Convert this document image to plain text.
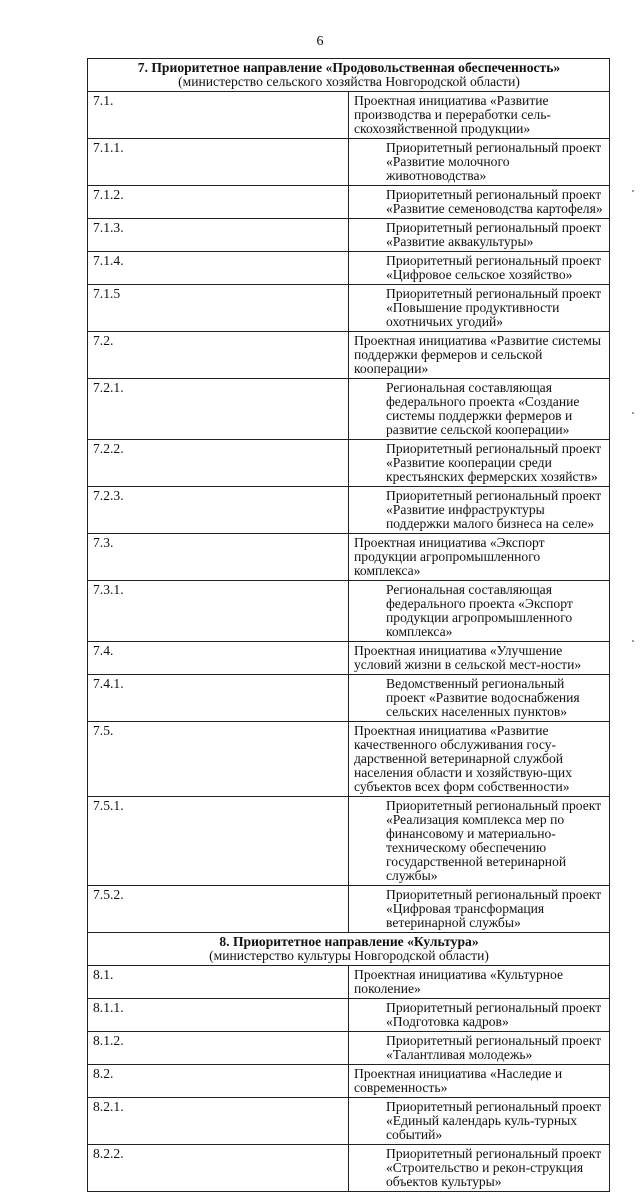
6
7. Приоритетное направление «Продовольственная обеспеченность»
(министерство сельского хозяйства Новгородской области)	

7.1.	Проектная инициатива «Развитие производства и переработки сель-скохозяйственной продукции»

7.1.1.	Приоритетный региональный проект «Развитие молочного животноводства»

7.1.2.	Приоритетный региональный проект «Развитие семеноводства картофеля»

7.1.3.	Приоритетный региональный проект «Развитие аквакультуры»

7.1.4.	Приоритетный региональный проект «Цифровое сельское хозяйство»

7.1.5	Приоритетный региональный проект «Повышение продуктивности охотничьих угодий»

7.2.	Проектная инициатива «Развитие системы поддержки фермеров и сельской кооперации»

7.2.1.	Региональная составляющая федерального проекта «Создание системы поддержки фермеров и развитие сельской кооперации»

7.2.2.	Приоритетный региональный проект «Развитие кооперации среди крестьянских фермерских хозяйств»

7.2.3.	Приоритетный региональный проект «Развитие инфраструктуры поддержки малого бизнеса на селе»

7.3.	Проектная инициатива «Экспорт продукции агропромышленного комплекса»

7.3.1.	Региональная составляющая федерального проекта «Экспорт продукции агропромышленного комплекса»

7.4.	Проектная инициатива «Улучшение условий жизни в сельской мест-ности»

7.4.1.	Ведомственный региональный проект «Развитие водоснабжения сельских населенных пунктов»

7.5.	Проектная инициатива «Развитие качественного обслуживания госу-дарственной ветеринарной службой населения области и хозяйствую-щих субъектов всех форм собственности»

7.5.1.	Приоритетный региональный проект «Реализация комплекса мер по финансовому и материально-техническому обеспечению государственной ветеринарной службы»

7.5.2.	Приоритетный региональный проект «Цифровая трансформация ветеринарной службы»

8. Приоритетное направление «Культура»
(министерство культуры Новгородской области)	

8.1.	Проектная инициатива «Культурное поколение»

8.1.1.	Приоритетный региональный проект «Подготовка кадров»

8.1.2.	Приоритетный региональный проект «Талантливая молодежь»

8.2.	Проектная инициатива «Наследие и современность»

8.2.1.	Приоритетный региональный проект «Единый календарь куль-турных событий»

8.2.2.	Приоритетный региональный проект «Строительство и рекон-струкция объектов культуры»
